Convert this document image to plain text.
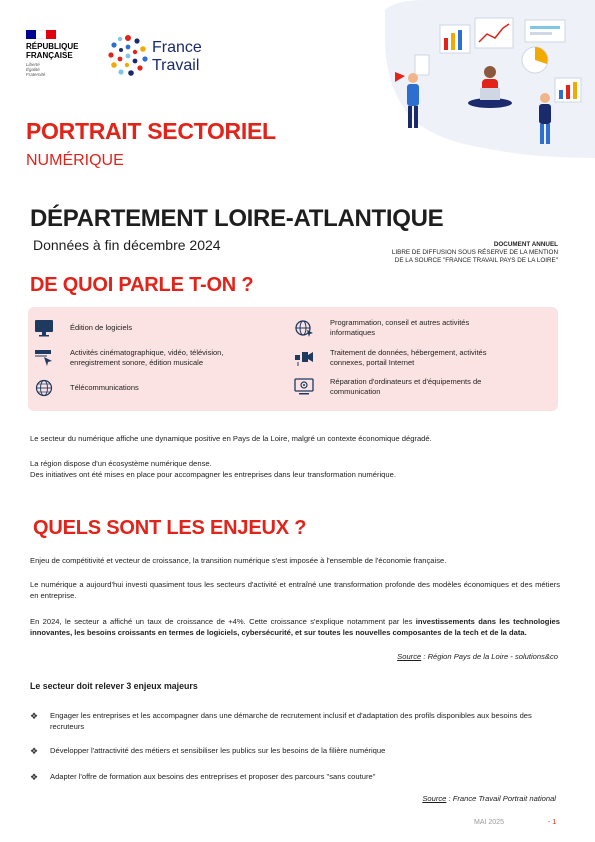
RÉPUBLIQUE
FRANÇAISE
Liberté
Égalité
Fraternité
France
Travail
PORTRAIT SECTORIEL
NUMÉRIQUE
DÉPARTEMENT LOIRE-ATLANTIQUE
Données à fin décembre 2024	DOCUMENT ANNUEL
LIBRE DE DIFFUSION SOUS RÉSERVE DE LA MENTION
DE LA SOURCE "FRANCE TRAVAIL PAYS DE LA LOIRE"
DE QUOI PARLE T-ON ?
Édition de logiciels
Programmation, conseil et autres activités informatiques
Activités cinématographique, vidéo, télévision, enregistrement sonore, édition musicale
Traitement de données, hébergement, activités connexes, portail Internet
Télécommunications
Réparation d'ordinateurs et d'équipements de communication
Le secteur du numérique affiche une dynamique positive en Pays de la Loire, malgré un contexte économique dégradé.
La région dispose d'un écosystème numérique dense.
Des initiatives ont été mises en place pour accompagner les entreprises dans leur transformation numérique.
QUELS SONT LES ENJEUX ?
Enjeu de compétitivité et vecteur de croissance, la transition numérique s'est imposée à l'ensemble de l'économie française.
Le numérique a aujourd'hui investi quasiment tous les secteurs d'activité et entraîné une transformation profonde des modèles économiques et des métiers en entreprise.
En 2024, le secteur a affiché un taux de croissance de +4%. Cette croissance s'explique notamment par les investissements dans les technologies innovantes, les besoins croissants en termes de logiciels, cybersécurité, et sur toutes les nouvelles composantes de la tech et de la data.
Source : Région Pays de la Loire - solutions&co
Le secteur doit relever 3 enjeux majeurs
❖	Engager les entreprises et les accompagner dans une démarche de recrutement inclusif et d'adaptation des profils disponibles aux besoins des recruteurs
❖	Développer l'attractivité des métiers et sensibiliser les publics sur les besoins de la filière numérique
❖	Adapter l'offre de formation aux besoins des entreprises et proposer des parcours "sans couture"
Source : France Travail Portrait national
MAI 2025	- 1
